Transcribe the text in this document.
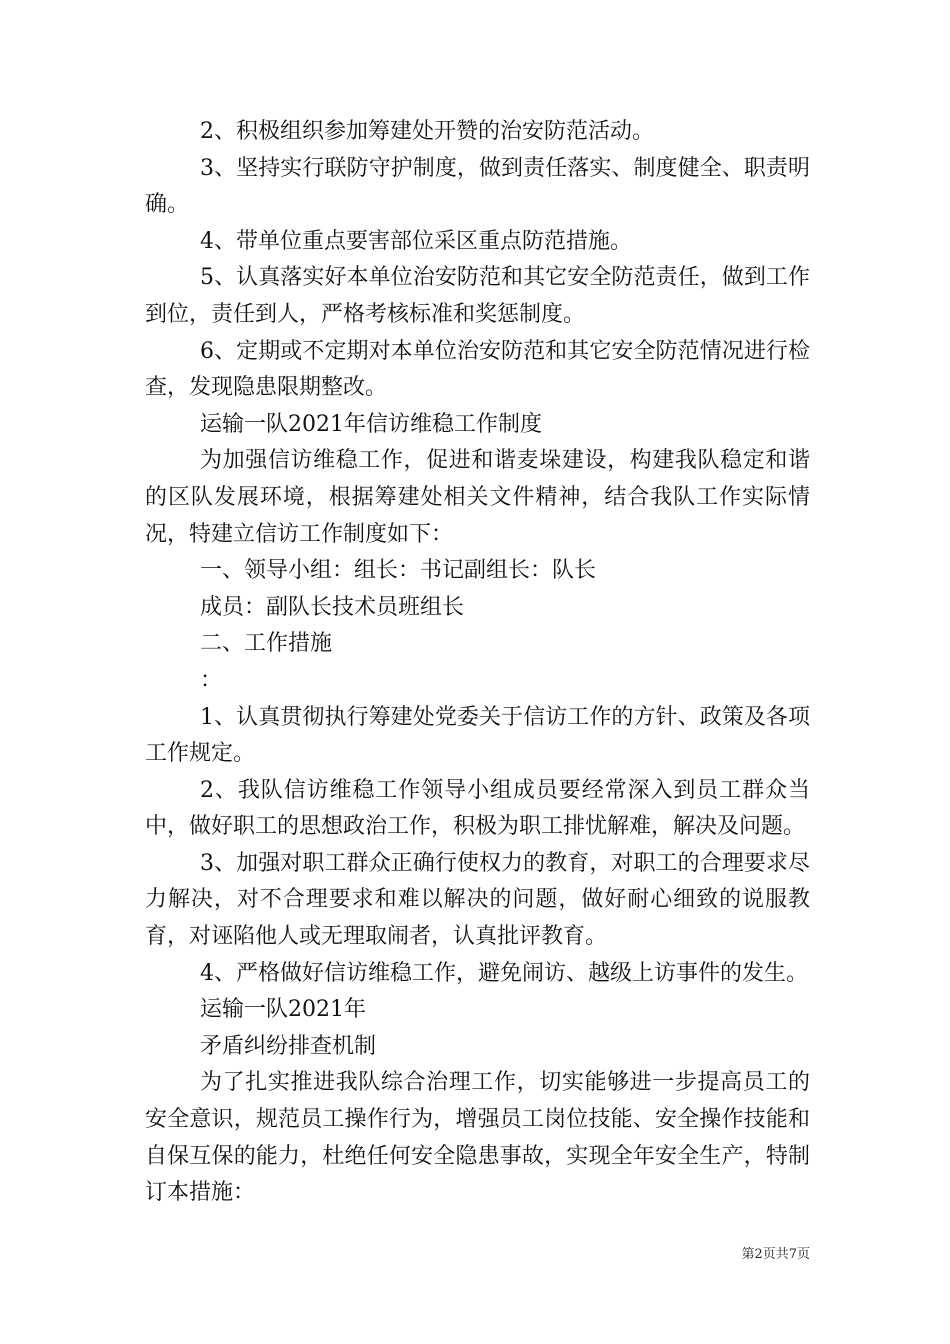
2、积极组织参加筹建处开赞的治安防范活动。

3、坚持实行联防守护制度，做到责任落实、制度健全、职责明确。

4、带单位重点要害部位采区重点防范措施。

5、认真落实好本单位治安防范和其它安全防范责任，做到工作到位，责任到人，严格考核标准和奖惩制度。

6、定期或不定期对本单位治安防范和其它安全防范情况进行检查，发现隐患限期整改。

运输一队2021年信访维稳工作制度

为加强信访维稳工作，促进和谐麦垛建设，构建我队稳定和谐的区队发展环境，根据筹建处相关文件精神，结合我队工作实际情况，特建立信访工作制度如下：

一、领导小组：组长：书记副组长：队长

成员：副队长技术员班组长

二、工作措施

：

1、认真贯彻执行筹建处党委关于信访工作的方针、政策及各项工作规定。

2、我队信访维稳工作领导小组成员要经常深入到员工群众当中，做好职工的思想政治工作，积极为职工排忧解难，解决及问题。

3、加强对职工群众正确行使权力的教育，对职工的合理要求尽力解决，对不合理要求和难以解决的问题，做好耐心细致的说服教育，对诬陷他人或无理取闹者，认真批评教育。

4、严格做好信访维稳工作，避免闹访、越级上访事件的发生。

运输一队2021年

矛盾纠纷排查机制

为了扎实推进我队综合治理工作，切实能够进一步提高员工的安全意识，规范员工操作行为，增强员工岗位技能、安全操作技能和自保互保的能力，杜绝任何安全隐患事故，实现全年安全生产，特制订本措施：

第2页共7页
